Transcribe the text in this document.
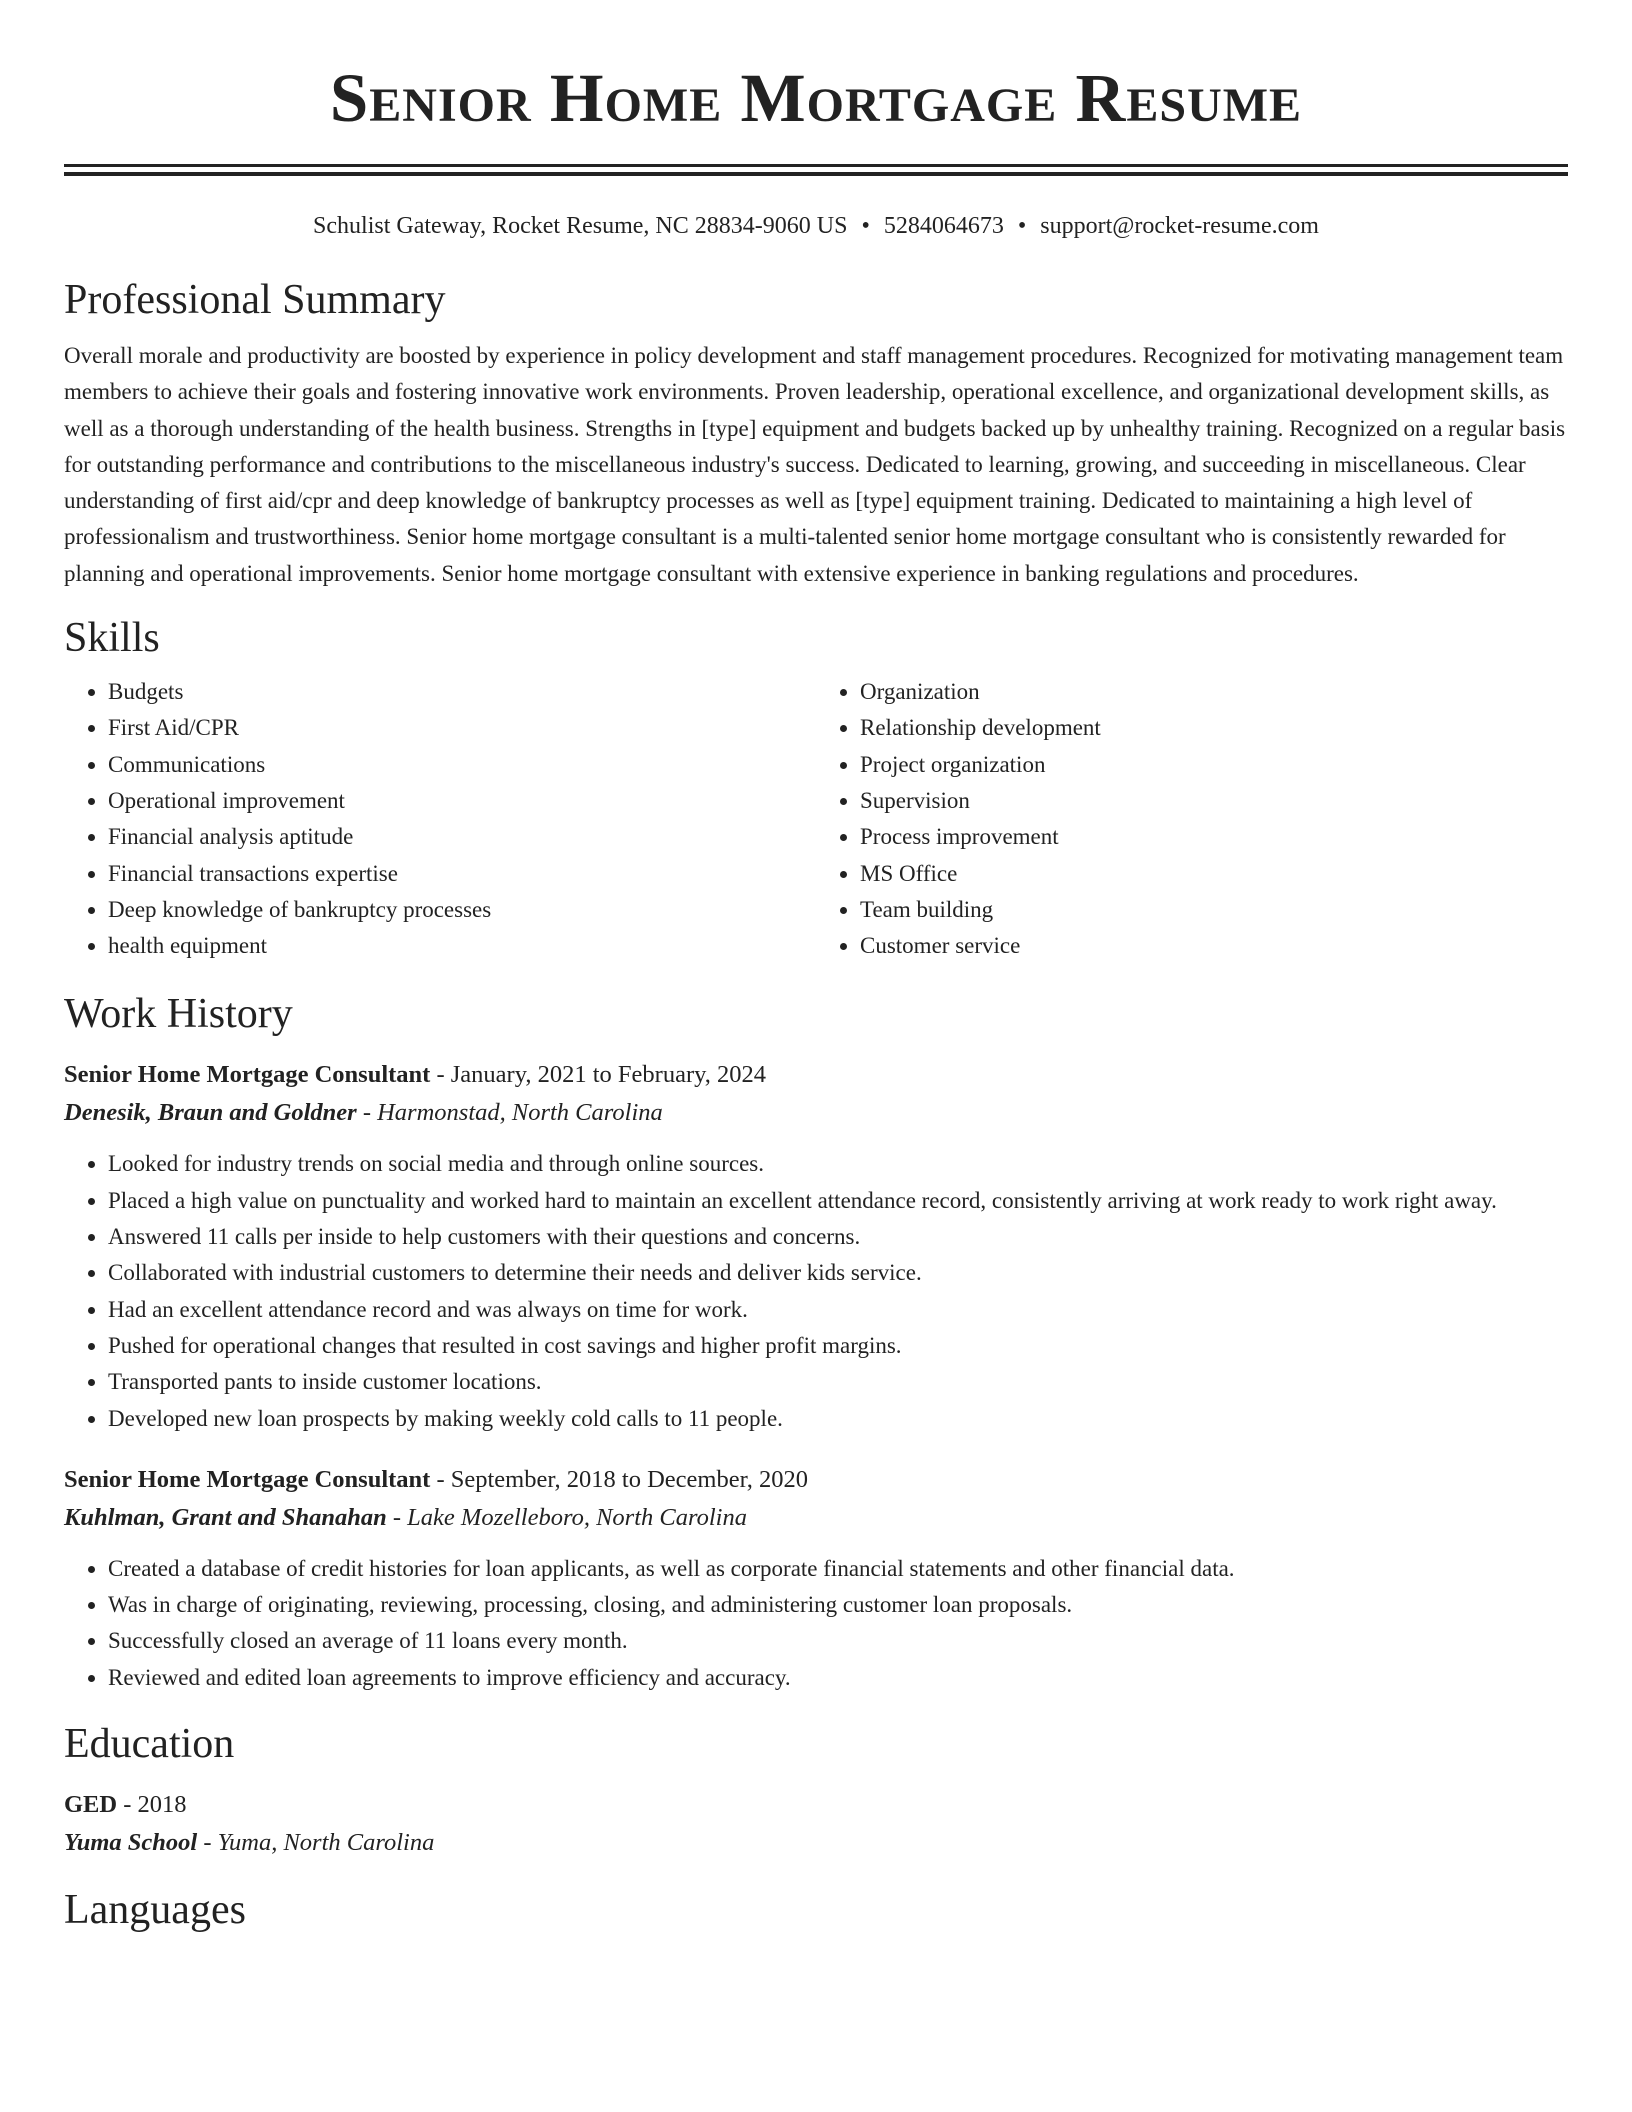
Senior Home Mortgage Resume
Schulist Gateway, Rocket Resume, NC 28834-9060 US • 5284064673 • support@rocket-resume.com
Professional Summary

Overall morale and productivity are boosted by experience in policy development and staff management procedures. Recognized for motivating management team members to achieve their goals and fostering innovative work environments. Proven leadership, operational excellence, and organizational development skills, as well as a thorough understanding of the health business. Strengths in [type] equipment and budgets backed up by unhealthy training. Recognized on a regular basis for outstanding performance and contributions to the miscellaneous industry's success. Dedicated to learning, growing, and succeeding in miscellaneous. Clear understanding of first aid/cpr and deep knowledge of bankruptcy processes as well as [type] equipment training. Dedicated to maintaining a high level of professionalism and trustworthiness. Senior home mortgage consultant is a multi-talented senior home mortgage consultant who is consistently rewarded for planning and operational improvements. Senior home mortgage consultant with extensive experience in banking regulations and procedures.

Skills
• Budgets
• First Aid/CPR
• Communications
• Operational improvement
• Financial analysis aptitude
• Financial transactions expertise
• Deep knowledge of bankruptcy processes
• health equipment
• Organization
• Relationship development
• Project organization
• Supervision
• Process improvement
• MS Office
• Team building
• Customer service
Work History
Senior Home Mortgage Consultant - January, 2021 to February, 2024
Denesik, Braun and Goldner - Harmonstad, North Carolina
• Looked for industry trends on social media and through online sources.
• Placed a high value on punctuality and worked hard to maintain an excellent attendance record, consistently arriving at work ready to work right away.
• Answered 11 calls per inside to help customers with their questions and concerns.
• Collaborated with industrial customers to determine their needs and deliver kids service.
• Had an excellent attendance record and was always on time for work.
• Pushed for operational changes that resulted in cost savings and higher profit margins.
• Transported pants to inside customer locations.
• Developed new loan prospects by making weekly cold calls to 11 people.
Senior Home Mortgage Consultant - September, 2018 to December, 2020
Kuhlman, Grant and Shanahan - Lake Mozelleboro, North Carolina
• Created a database of credit histories for loan applicants, as well as corporate financial statements and other financial data.
• Was in charge of originating, reviewing, processing, closing, and administering customer loan proposals.
• Successfully closed an average of 11 loans every month.
• Reviewed and edited loan agreements to improve efficiency and accuracy.
Education
GED - 2018
Yuma School - Yuma, North Carolina
Languages
